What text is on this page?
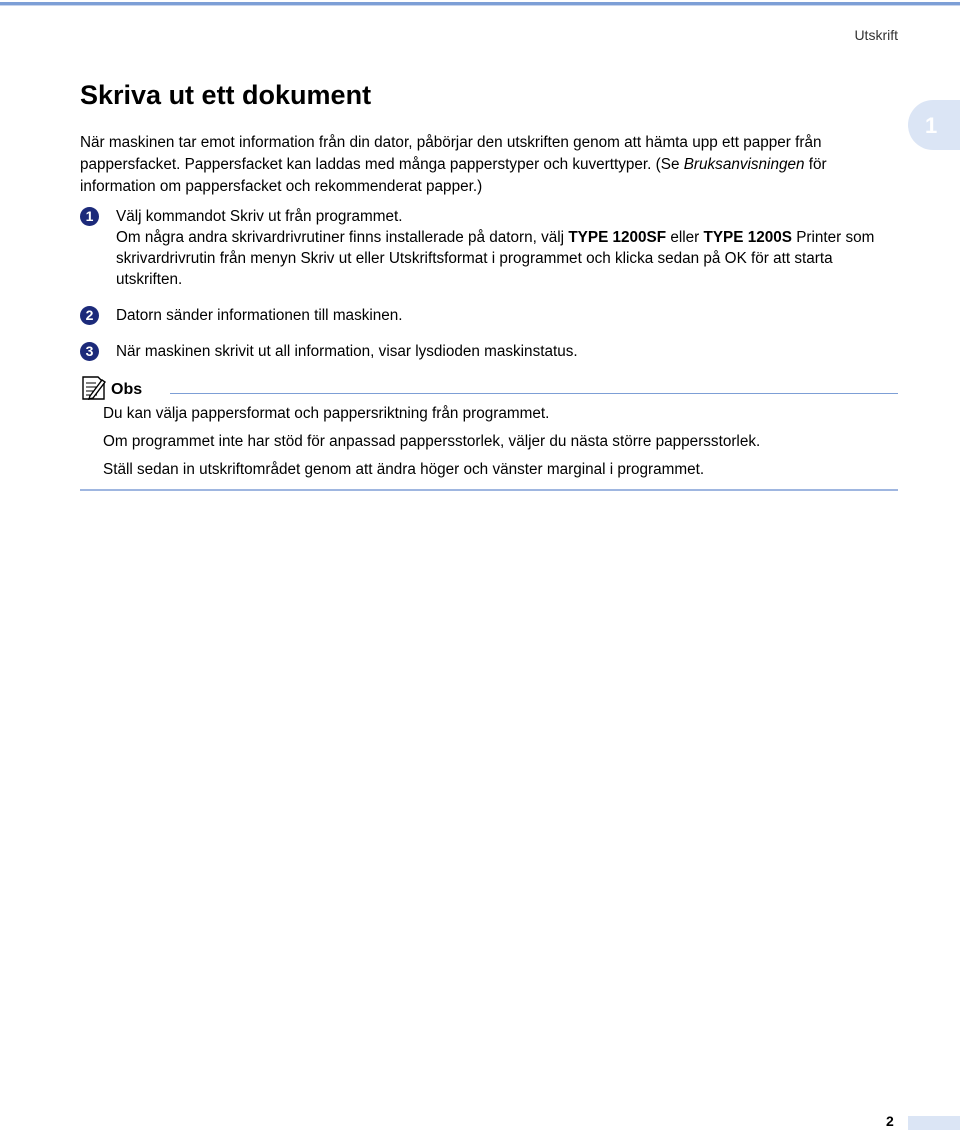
Utskrift
1
Skriva ut ett dokument

När maskinen tar emot information från din dator, påbörjar den utskriften genom att hämta upp ett papper från pappersfacket. Pappersfacket kan laddas med många papperstyper och kuverttyper. (Se Bruksanvisningen för information om pappersfacket och rekommenderat papper.)

1	Välj kommandot Skriv ut från programmet.
Om några andra skrivardrivrutiner finns installerade på datorn, välj TYPE 1200SF eller TYPE 1200S Printer som skrivardrivrutin från menyn Skriv ut eller Utskriftsformat i programmet och klicka sedan på OK för att starta utskriften.
2	Datorn sänder informationen till maskinen.
3	När maskinen skrivit ut all information, visar lysdioden maskinstatus.
Obs
Du kan välja pappersformat och pappersriktning från programmet.
Om programmet inte har stöd för anpassad pappersstorlek, väljer du nästa större pappersstorlek.
Ställ sedan in utskriftområdet genom att ändra höger och vänster marginal i programmet.
2
